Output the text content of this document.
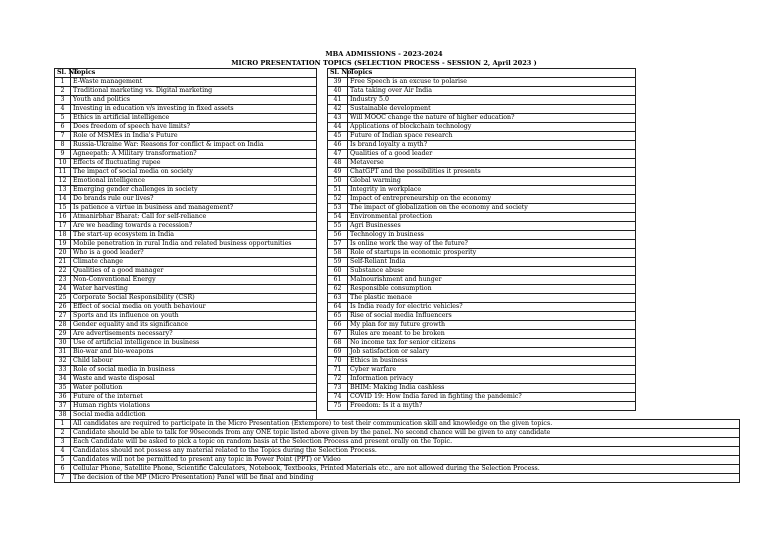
MBA ADMISSIONS - 2023-2024
MICRO PRESENTATION TOPICS (SELECTION PROCESS - SESSION 2, April 2023 )
Sl. No	Topics
1	E-Waste management
2	Traditional marketing vs. Digital marketing
3	Youth and politics
4	Investing in education v/s investing in fixed assets
5	Ethics in artificial intelligence
6	Does freedom of speech have limits?
7	Role of MSMEs in India's Future
8	Russia-Ukraine War: Reasons for conflict & impact on India
9	Agneepath: A Military transformation?
10	Effects of fluctuating rupee
11	The impact of social media on society
12	Emotional intelligence
13	Emerging gender challenges in society
14	Do brands rule our lives?
15	Is patience a virtue in business and management?
16	Atmanirbhar Bharat: Call for self-reliance
17	Are we heading towards a recession?
18	The start-up ecosystem in India
19	Mobile penetration in rural India and related business opportunities
20	Who is a good leader?
21	Climate change
22	Qualities of a good manager
23	Non-Conventional Energy
24	Water harvesting
25	Corporate Social Responsibility (CSR)
26	Effect of social media on youth behaviour
27	Sports and its influence on youth
28	Gender equality and its significance
29	Are advertisements necessary?
30	Use of artificial intelligence in business
31	Bio-war and bio-weapons
32	Child labour
33	Role of social media in business
34	Waste and waste disposal
35	Water pollution
36	Future of the internet
37	Human rights violations
38	Social media addiction
Sl. No	Topics
39	Free Speech is an excuse to polarise
40	Tata taking over Air India
41	Industry 5.0
42	Sustainable development
43	Will MOOC change the nature of higher education?
44	Applications of blockchain technology
45	Future of Indian space research
46	Is brand loyalty a myth?
47	Qualities of a good leader
48	Metaverse
49	ChatGPT and the possibilities it presents
50	Global warming
51	Integrity in workplace
52	Impact of entrepreneurship on the economy
53	The impact of globalization on the economy and society
54	Environmental protection
55	Agri Businesses
56	Technology in business
57	Is online work the way of the future?
58	Role of startups in economic prosperity
59	Self-Reliant India
60	Substance abuse
61	Malnourishment and hunger
62	Responsible consumption
63	The plastic menace
64	Is India ready for electric vehicles?
65	Rise of social media Influencers
66	My plan for my future growth
67	Rules are meant to be broken
68	No income tax for senior citizens
69	Job satisfaction or salary
70	Ethics in business
71	Cyber warfare
72	Information privacy
73	BHIM: Making India cashless
74	COVID 19: How India fared in fighting the pandemic?
75	Freedom: Is it a myth?
1	All candidates are required to participate in the Micro Presentation (Extempore) to test their communication skill and knowledge on the given topics.
2	Candidate should be able to talk for 90seconds from any ONE topic listed above given by the panel. No second chance will be given to any candidate
3	Each Candidate will be asked to pick a topic on random basis at the Selection Process and present orally on the Topic.
4	Candidates should not possess any material related to the Topics during the Selection Process.
5	Candidates will not be permitted to present any topic in Power Point (PPT) or Video
6	Cellular Phone, Satellite Phone, Scientific Calculators, Notebook, Textbooks, Printed Materials etc., are not allowed during the Selection Process.
7	The decision of the MP (Micro Presentation) Panel will be final and binding
